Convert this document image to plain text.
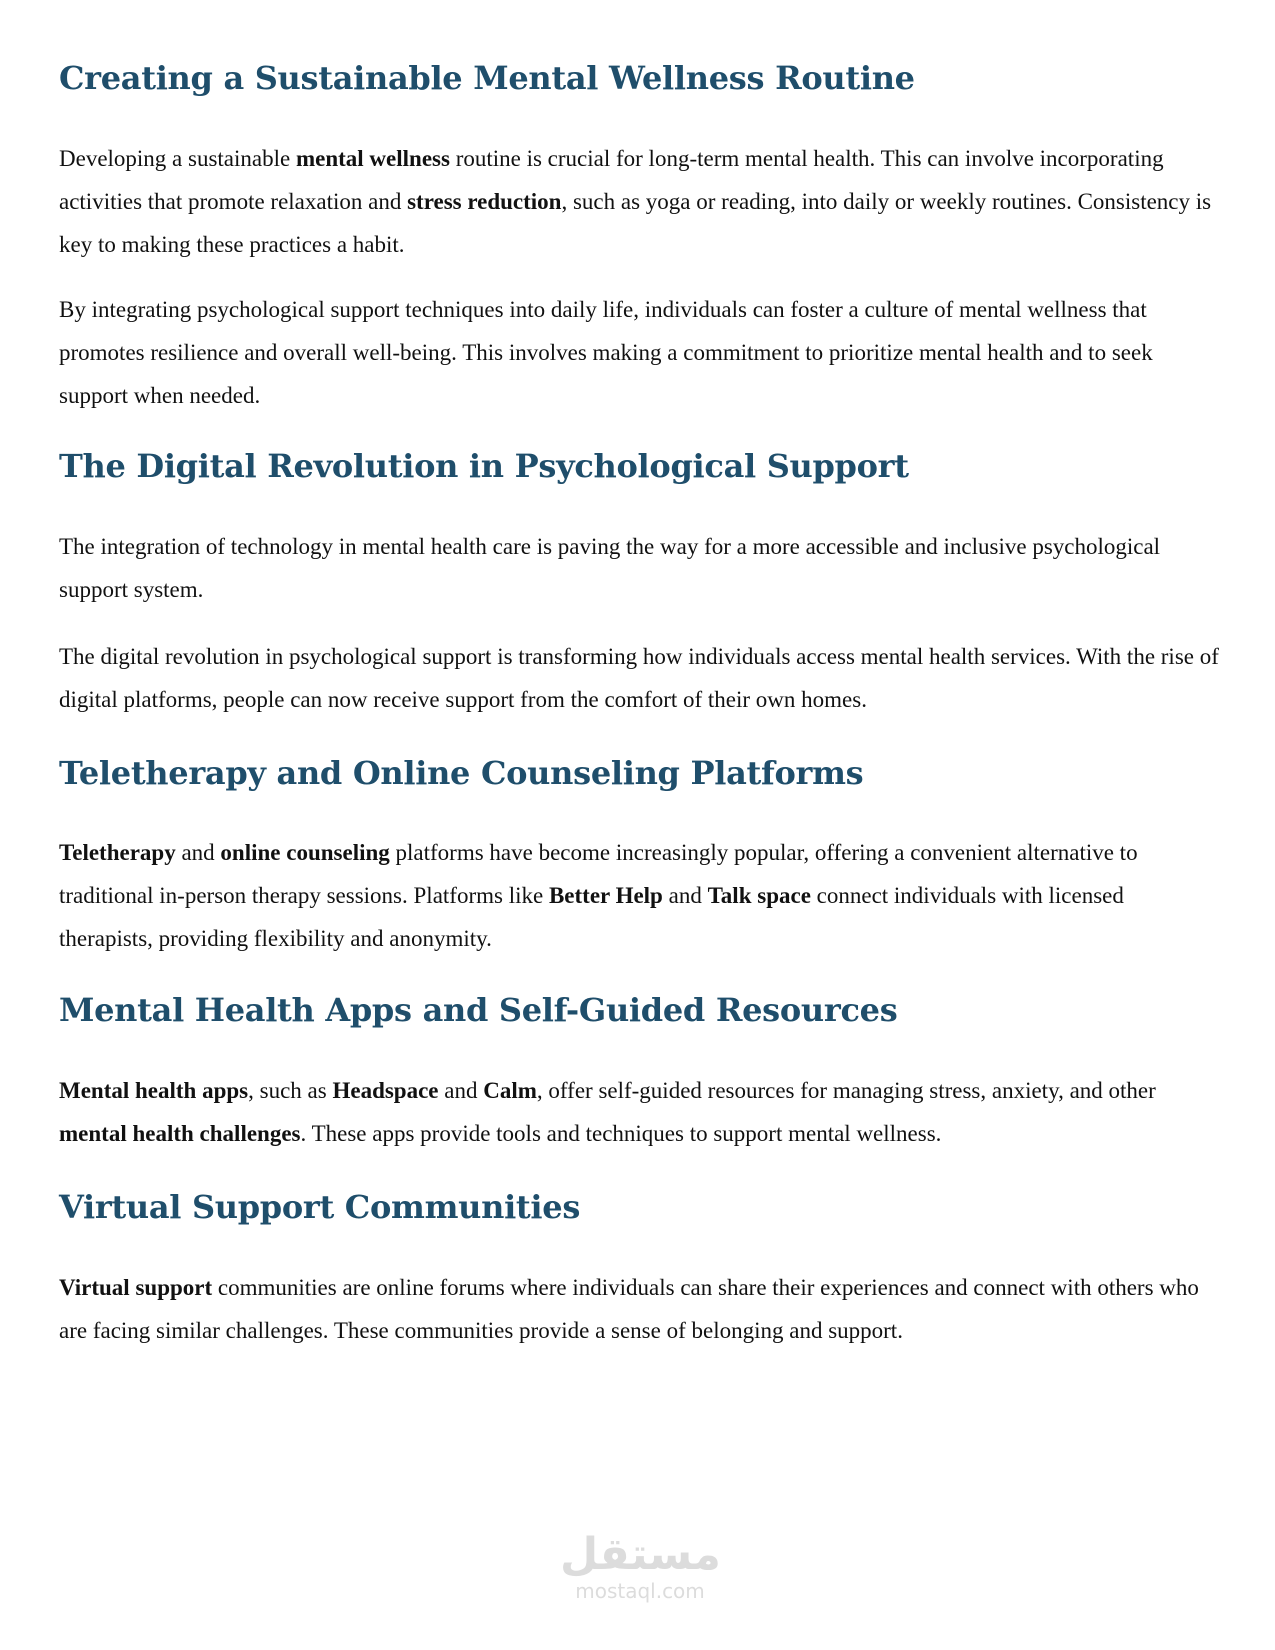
Creating a Sustainable Mental Wellness Routine

Developing a sustainable mental wellness routine is crucial for long-term mental health. This can involve incorporating activities that promote relaxation and stress reduction, such as yoga or reading, into daily or weekly routines. Consistency is key to making these practices a habit.

By integrating psychological support techniques into daily life, individuals can foster a culture of mental wellness that promotes resilience and overall well-being. This involves making a commitment to prioritize mental health and to seek support when needed.

The Digital Revolution in Psychological Support

The integration of technology in mental health care is paving the way for a more accessible and inclusive psychological support system.

The digital revolution in psychological support is transforming how individuals access mental health services. With the rise of digital platforms, people can now receive support from the comfort of their own homes.

Teletherapy and Online Counseling Platforms

Teletherapy and online counseling platforms have become increasingly popular, offering a convenient alternative to traditional in-person therapy sessions. Platforms like Better Help and Talk space connect individuals with licensed therapists, providing flexibility and anonymity.

Mental Health Apps and Self-Guided Resources

Mental health apps, such as Headspace and Calm, offer self-guided resources for managing stress, anxiety, and other mental health challenges. These apps provide tools and techniques to support mental wellness.

Virtual Support Communities

Virtual support communities are online forums where individuals can share their experiences and connect with others who are facing similar challenges. These communities provide a sense of belonging and support.

مستقل
mostaql.com
